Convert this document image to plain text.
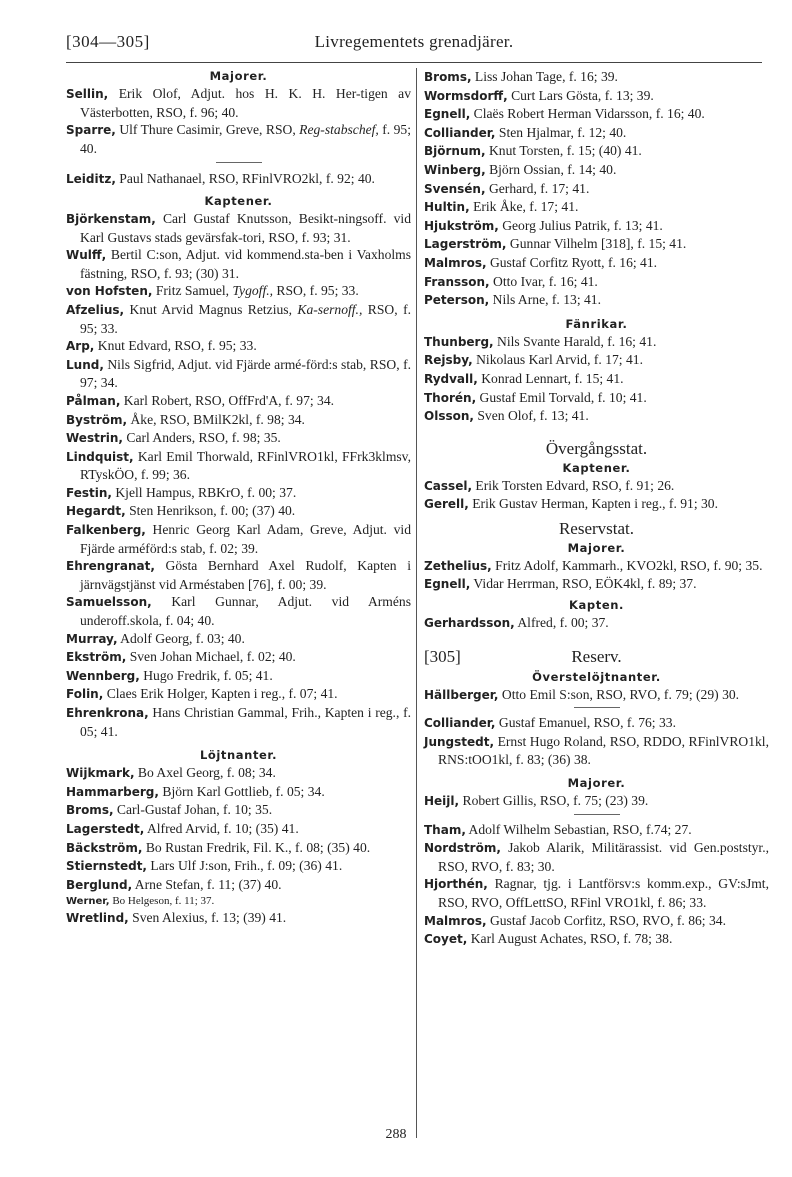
[304—305]	Livregementets grenadjärer.
Majorer.
Sellin, Erik Olof, Adjut. hos H. K. H. Her-tigen av Västerbotten, RSO, f. 96; 40.
Sparre, Ulf Thure Casimir, Greve, RSO, Reg-stabschef, f. 95; 40.
Leiditz, Paul Nathanael, RSO, RFinlVRO2kl, f. 92; 40.
Kaptener.
Björkenstam, Carl Gustaf Knutsson, Besikt-ningsoff. vid Karl Gustavs stads gevärsfak-tori, RSO, f. 93; 31.
Wulff, Bertil C:son, Adjut. vid kommend.sta-ben i Vaxholms fästning, RSO, f. 93; (30) 31.
von Hofsten, Fritz Samuel, Tygoff., RSO, f. 95; 33.
Afzelius, Knut Arvid Magnus Retzius, Ka-sernoff., RSO, f. 95; 33.
Arp, Knut Edvard, RSO, f. 95; 33.
Lund, Nils Sigfrid, Adjut. vid Fjärde armé-förd:s stab, RSO, f. 97; 34.
Pålman, Karl Robert, RSO, OffFrd'A, f. 97; 34.
Byström, Åke, RSO, BMilK2kl, f. 98; 34.
Westrin, Carl Anders, RSO, f. 98; 35.
Lindquist, Karl Emil Thorwald, RFinlVRO1kl, FFrk3klmsv, RTyskÖO, f. 99; 36.
Festin, Kjell Hampus, RBKrO, f. 00; 37.
Hegardt, Sten Henrikson, f. 00; (37) 40.
Falkenberg, Henric Georg Karl Adam, Greve, Adjut. vid Fjärde arméförd:s stab, f. 02; 39.
Ehrengranat, Gösta Bernhard Axel Rudolf, Kapten i järnvägstjänst vid Arméstaben [76], f. 00; 39.
Samuelsson, Karl Gunnar, Adjut. vid Arméns underoff.skola, f. 04; 40.
Murray, Adolf Georg, f. 03; 40.
Ekström, Sven Johan Michael, f. 02; 40.
Wennberg, Hugo Fredrik, f. 05; 41.
Folin, Claes Erik Holger, Kapten i reg., f. 07; 41.
Ehrenkrona, Hans Christian Gammal, Frih., Kapten i reg., f. 05; 41.
Löjtnanter.
Wijkmark, Bo Axel Georg, f. 08; 34.
Hammarberg, Björn Karl Gottlieb, f. 05; 34.
Broms, Carl-Gustaf Johan, f. 10; 35.
Lagerstedt, Alfred Arvid, f. 10; (35) 41.
Bäckström, Bo Rustan Fredrik, Fil. K., f. 08; (35) 40.
Stiernstedt, Lars Ulf J:son, Frih., f. 09; (36) 41.
Berglund, Arne Stefan, f. 11; (37) 40.
Werner, Bo Helgeson, f. 11; 37.
Wretlind, Sven Alexius, f. 13; (39) 41.
Broms, Liss Johan Tage, f. 16; 39.
Wormsdorff, Curt Lars Gösta, f. 13; 39.
Egnell, Claës Robert Herman Vidarsson, f. 16; 40.
Colliander, Sten Hjalmar, f. 12; 40.
Björnum, Knut Torsten, f. 15; (40) 41.
Winberg, Björn Ossian, f. 14; 40.
Svensén, Gerhard, f. 17; 41.
Hultin, Erik Åke, f. 17; 41.
Hjukström, Georg Julius Patrik, f. 13; 41.
Lagerström, Gunnar Vilhelm [318], f. 15; 41.
Malmros, Gustaf Corfitz Ryott, f. 16; 41.
Fransson, Otto Ivar, f. 16; 41.
Peterson, Nils Arne, f. 13; 41.
Fänrikar.
Thunberg, Nils Svante Harald, f. 16; 41.
Rejsby, Nikolaus Karl Arvid, f. 17; 41.
Rydvall, Konrad Lennart, f. 15; 41.
Thorén, Gustaf Emil Torvald, f. 10; 41.
Olsson, Sven Olof, f. 13; 41.
Övergångsstat.
Kaptener.
Cassel, Erik Torsten Edvard, RSO, f. 91; 26.
Gerell, Erik Gustav Herman, Kapten i reg., f. 91; 30.
Reservstat.
Majorer.
Zethelius, Fritz Adolf, Kammarh., KVO2kl, RSO, f. 90; 35.
Egnell, Vidar Herrman, RSO, EÖK4kl, f. 89; 37.
Kapten.
Gerhardsson, Alfred, f. 00; 37.
[305]	Reserv.
Överstelöjtnanter.
Hällberger, Otto Emil S:son, RSO, RVO, f. 79; (29) 30.
Colliander, Gustaf Emanuel, RSO, f. 76; 33.
Jungstedt, Ernst Hugo Roland, RSO, RDDO, RFinlVRO1kl, RNS:tOO1kl, f. 83; (36) 38.
Majorer.
Heijl, Robert Gillis, RSO, f. 75; (23) 39.
Tham, Adolf Wilhelm Sebastian, RSO, f.74; 27.
Nordström, Jakob Alarik, Militärassist. vid Gen.poststyr., RSO, RVO, f. 83; 30.
Hjorthén, Ragnar, tjg. i Lantförsv:s komm.exp., GV:sJmt, RSO, RVO, OffLettSO, RFinl VRO1kl, f. 86; 33.
Malmros, Gustaf Jacob Corfitz, RSO, RVO, f. 86; 34.
Coyet, Karl August Achates, RSO, f. 78; 38.
288
